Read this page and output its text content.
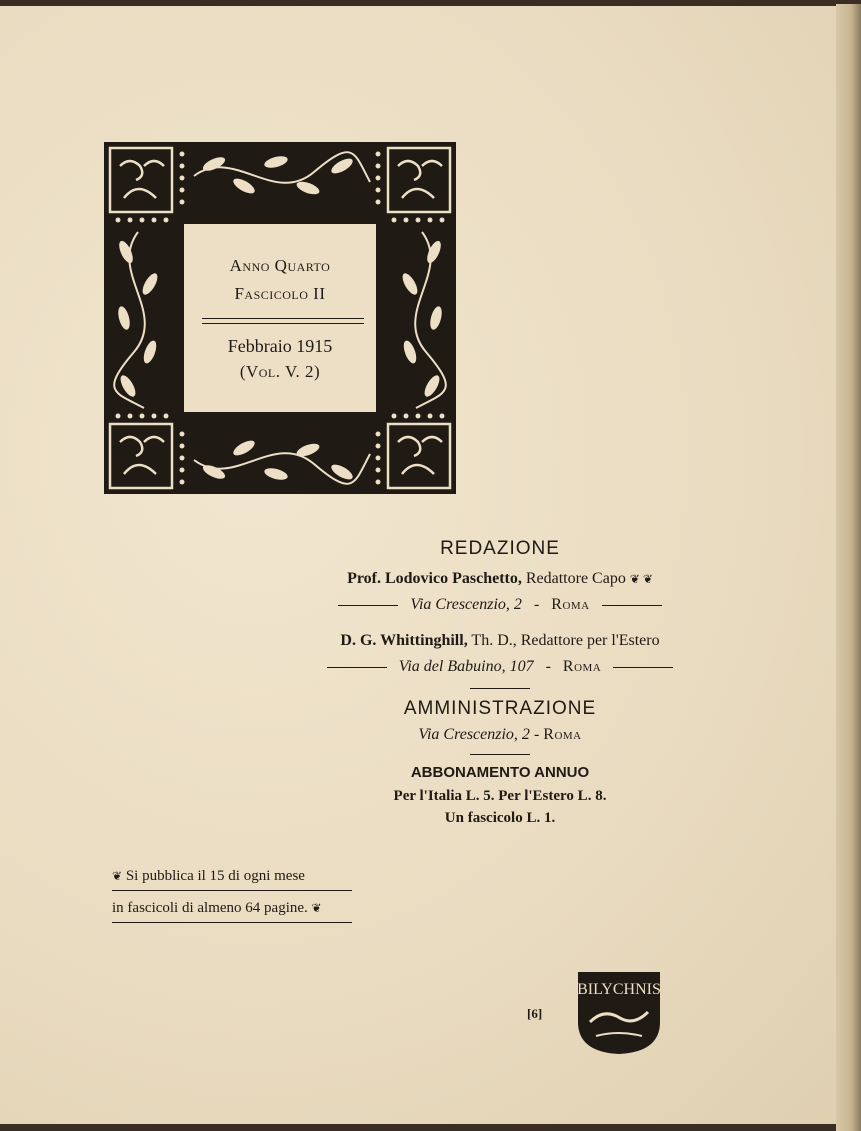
Anno Quarto
Fascicolo II
Febbraio 1915
(Vol. V. 2)
REDAZIONE
Prof. Lodovico Paschetto, Redattore Capo ❦ ❦
Via Crescenzio, 2 - Roma
D. G. Whittinghill, Th. D., Redattore per l'Estero
Via del Babuino, 107 - Roma
AMMINISTRAZIONE
Via Crescenzio, 2 - Roma
ABBONAMENTO ANNUO
Per l'Italia L. 5. Per l'Estero L. 8.
Un fascicolo L. 1.
❦ Si pubblica il 15 di ogni mese
in fascicoli di almeno 64 pagine. ❦
[6]
BILYCHNIS
